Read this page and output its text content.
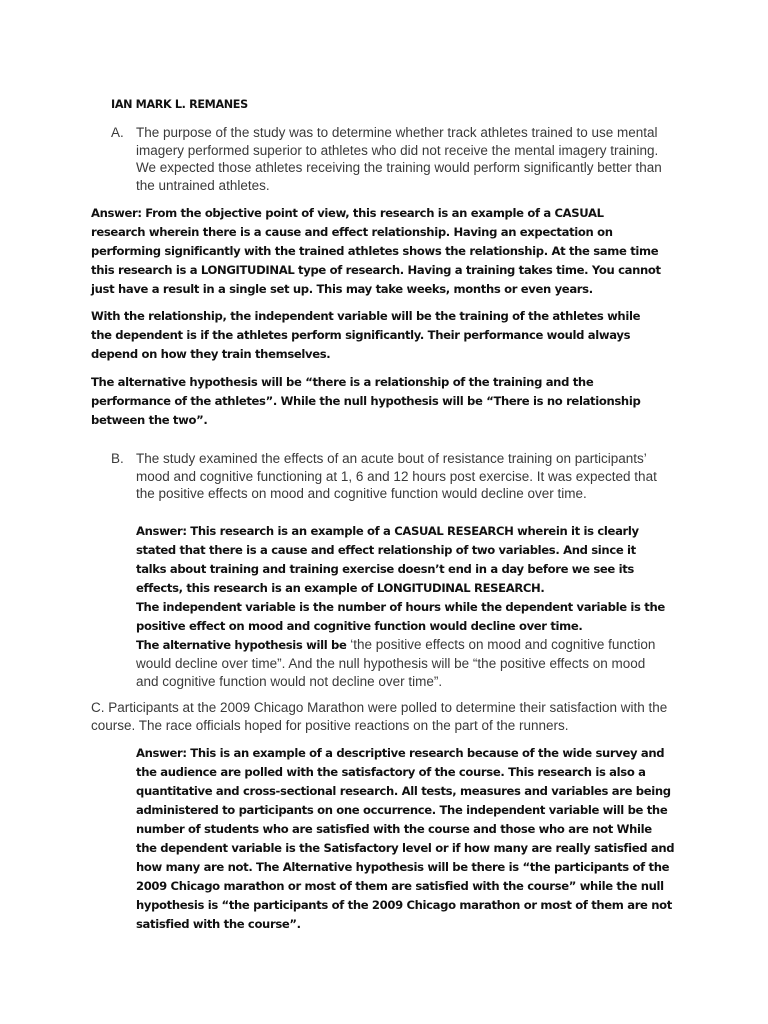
IAN MARK L. REMANES

A. The purpose of the study was to determine whether track athletes trained to use mental imagery performed superior to athletes who did not receive the mental imagery training. We expected those athletes receiving the training would perform significantly better than the untrained athletes.

Answer: From the objective point of view, this research is an example of a CASUAL research wherein there is a cause and effect relationship. Having an expectation on performing significantly with the trained athletes shows the relationship. At the same time this research is a LONGITUDINAL type of research. Having a training takes time. You cannot just have a result in a single set up. This may take weeks, months or even years.

With the relationship, the independent variable will be the training of the athletes while the dependent is if the athletes perform significantly. Their performance would always depend on how they train themselves.

The alternative hypothesis will be “there is a relationship of the training and the performance of the athletes”. While the null hypothesis will be “There is no relationship between the two”.

B. The study examined the effects of an acute bout of resistance training on participants’ mood and cognitive functioning at 1, 6 and 12 hours post exercise. It was expected that the positive effects on mood and cognitive function would decline over time.
Answer: This research is an example of a CASUAL RESEARCH wherein it is clearly stated that there is a cause and effect relationship of two variables. And since it talks about training and training exercise doesn’t end in a day before we see its effects, this research is an example of LONGITUDINAL RESEARCH.
The independent variable is the number of hours while the dependent variable is the positive effect on mood and cognitive function would decline over time.
The alternative hypothesis will be ‘the positive effects on mood and cognitive function would decline over time”. And the null hypothesis will be “the positive effects on mood and cognitive function would not decline over time”.

C. Participants at the 2009 Chicago Marathon were polled to determine their satisfaction with the course. The race officials hoped for positive reactions on the part of the runners.

Answer: This is an example of a descriptive research because of the wide survey and the audience are polled with the satisfactory of the course. This research is also a quantitative and cross-sectional research. All tests, measures and variables are being administered to participants on one occurrence. The independent variable will be the number of students who are satisfied with the course and those who are not While the dependent variable is the Satisfactory level or if how many are really satisfied and how many are not. The Alternative hypothesis will be there is “the participants of the 2009 Chicago marathon or most of them are satisfied with the course” while the null hypothesis is “the participants of the 2009 Chicago marathon or most of them are not satisfied with the course”.
